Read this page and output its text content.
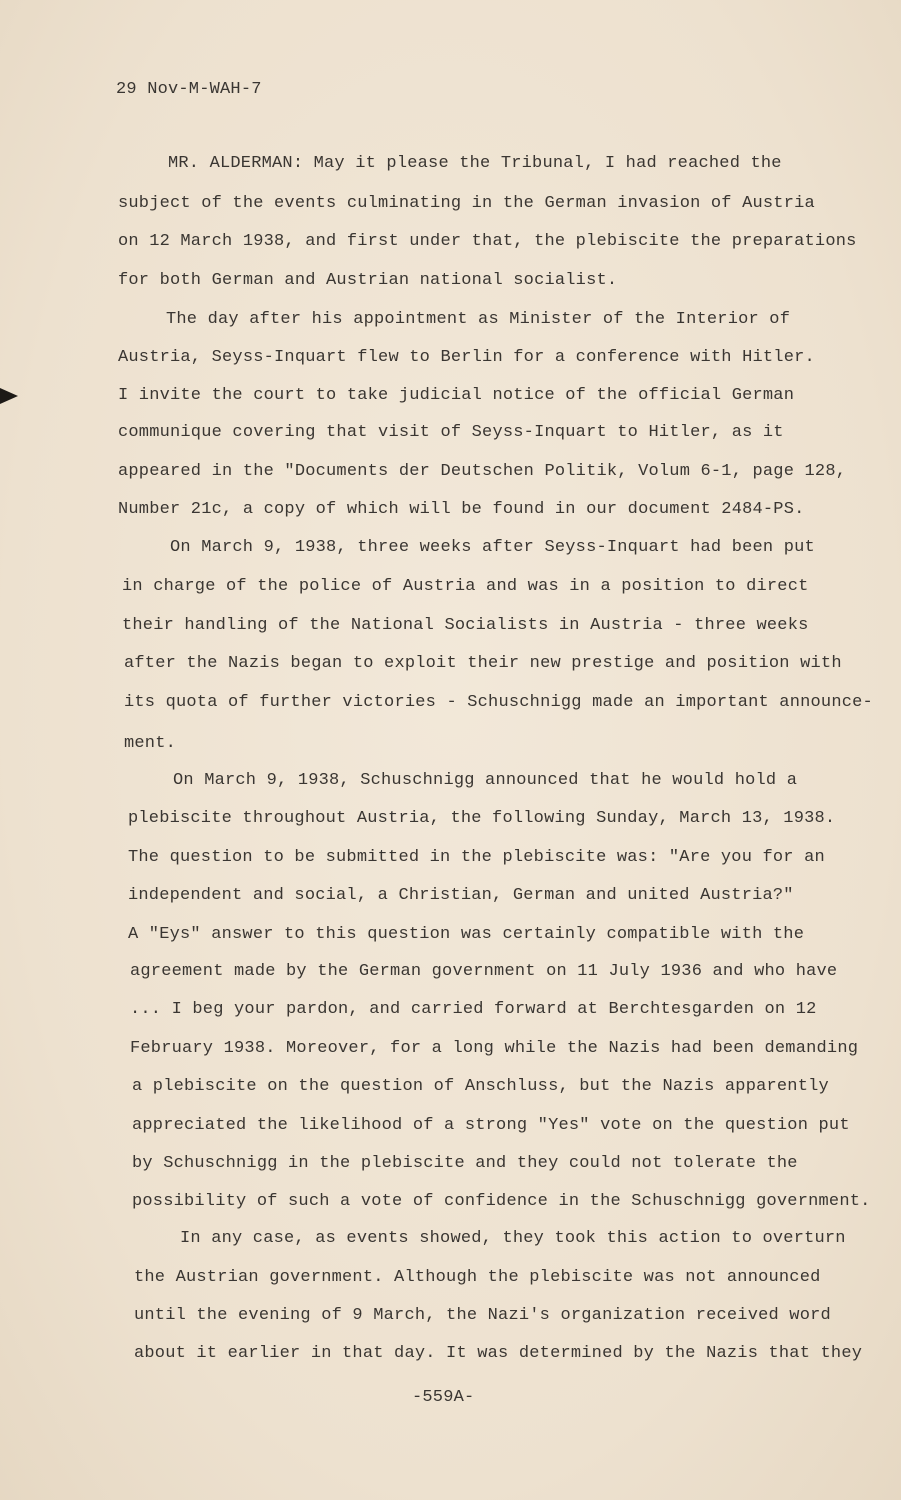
29 Nov-M-WAH-7
MR. ALDERMAN: May it please the Tribunal, I had reached the
subject of the events culminating in the German invasion of Austria
on 12 March 1938, and first under that, the plebiscite the preparations
for both German and Austrian national socialist.
The day after his appointment as Minister of the Interior of
Austria, Seyss-Inquart flew to Berlin for a conference with Hitler.
I invite the court to take judicial notice of the official German
communique covering that visit of Seyss-Inquart to Hitler, as it
appeared in the "Documents der Deutschen Politik, Volum 6-1, page 128,
Number 21c, a copy of which will be found in our document 2484-PS.
On March 9, 1938, three weeks after Seyss-Inquart had been put
in charge of the police of Austria and was in a position to direct
their handling of the National Socialists in Austria - three weeks
after the Nazis began to exploit their new prestige and position with
its quota of further victories - Schuschnigg made an important announce-
ment.
On March 9, 1938, Schuschnigg announced that he would hold a
plebiscite throughout Austria, the following Sunday, March 13, 1938.
The question to be submitted in the plebiscite was: "Are you for an
independent and social, a Christian, German and united Austria?"
A "Eys" answer to this question was certainly compatible with the
agreement made by the German government on 11 July 1936 and who have
... I beg your pardon, and carried forward at Berchtesgarden on 12
February 1938. Moreover, for a long while the Nazis had been demanding
a plebiscite on the question of Anschluss, but the Nazis apparently
appreciated the likelihood of a strong "Yes" vote on the question put
by Schuschnigg in the plebiscite and they could not tolerate the
possibility of such a vote of confidence in the Schuschnigg government.
In any case, as events showed, they took this action to overturn
the Austrian government. Although the plebiscite was not announced
until the evening of 9 March, the Nazi's organization received word
about it earlier in that day. It was determined by the Nazis that they
-559A-
